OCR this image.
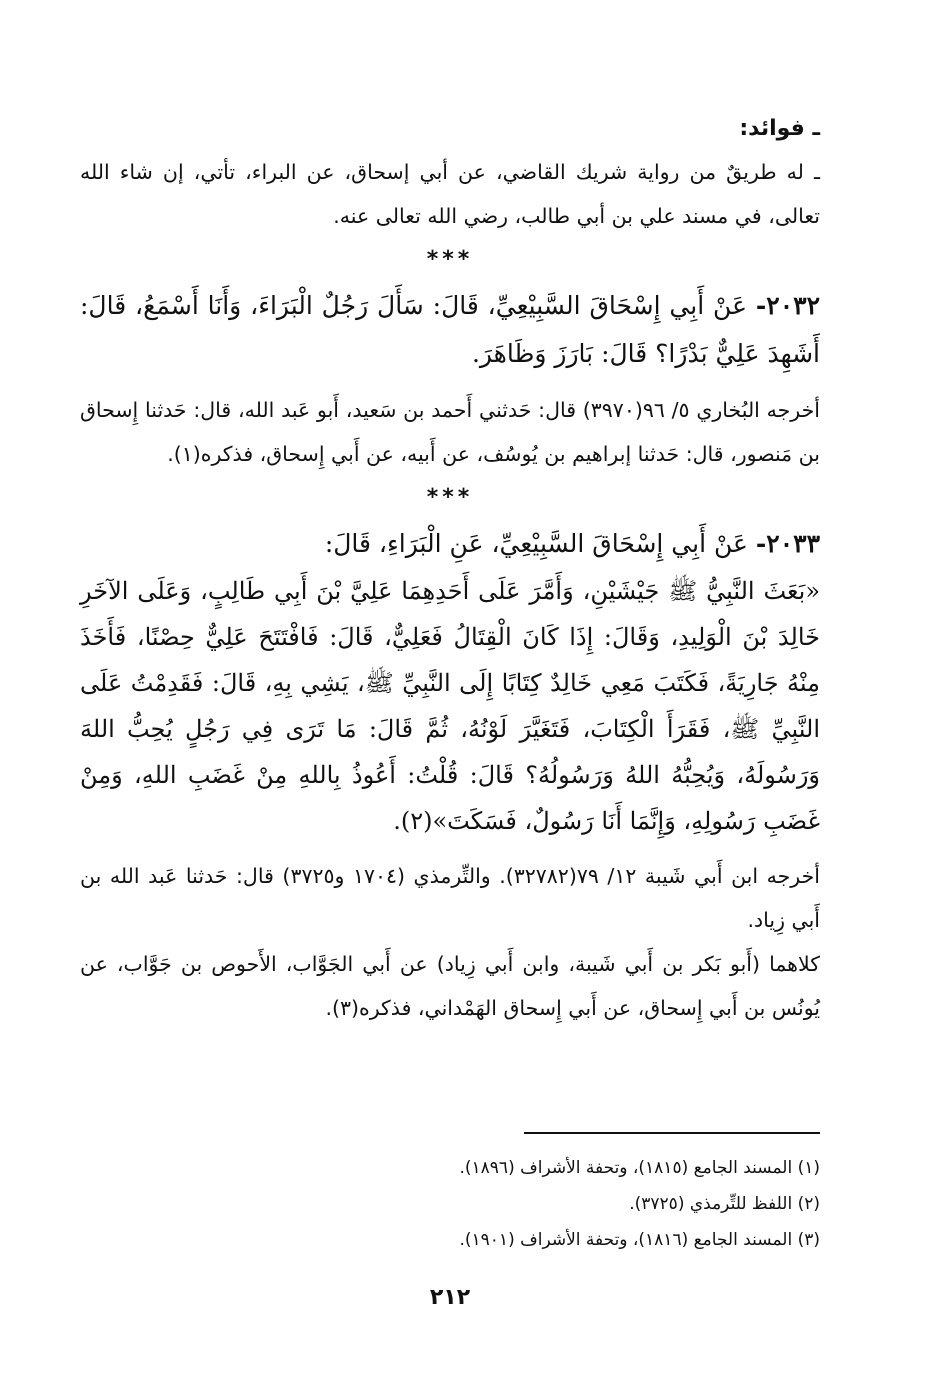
ـ فوائد:

ـ له طريقٌ من رواية شريك القاضي، عن أبي إسحاق، عن البراء، تأتي، إن شاء الله تعالى، في مسند علي بن أبي طالب، رضي الله تعالى عنه.

***

٢٠٣٢- عَنْ أَبِي إِسْحَاقَ السَّبِيْعِيِّ، قَالَ: سَأَلَ رَجُلٌ الْبَرَاءَ، وَأَنَا أَسْمَعُ، قَالَ: أَشَهِدَ عَلِيٌّ بَدْرًا؟ قَالَ: بَارَزَ وَظَاهَرَ.

أخرجه البُخاري ٥/ ٩٦(٣٩٧٠) قال: حَدثني أَحمد بن سَعيد، أَبو عَبد الله، قال: حَدثنا إِسحاق بن مَنصور، قال: حَدثنا إبراهيم بن يُوسُف، عن أَبيه، عن أَبي إِسحاق، فذكره(١).

***

٢٠٣٣- عَنْ أَبِي إِسْحَاقَ السَّبِيْعِيِّ، عَنِ الْبَرَاءِ، قَالَ:

«بَعَثَ النَّبِيُّ ﷺ جَيْشَيْنِ، وَأَمَّرَ عَلَى أَحَدِهِمَا عَلِيَّ بْنَ أَبِي طَالِبٍ، وَعَلَى الآخَرِ خَالِدَ بْنَ الْوَلِيدِ، وَقَالَ: إِذَا كَانَ الْقِتَالُ فَعَلِيٌّ، قَالَ: فَافْتَتَحَ عَلِيٌّ حِصْنًا، فَأَخَذَ مِنْهُ جَارِيَةً، فَكَتَبَ مَعِي خَالِدٌ كِتَابًا إِلَى النَّبِيِّ ﷺ، يَشِي بِهِ، قَالَ: فَقَدِمْتُ عَلَى النَّبِيِّ ﷺ، فَقَرَأَ الْكِتَابَ، فَتَغَيَّرَ لَوْنُهُ، ثُمَّ قَالَ: مَا تَرَى فِي رَجُلٍ يُحِبُّ اللهَ وَرَسُولَهُ، وَيُحِبُّهُ اللهُ وَرَسُولُهُ؟ قَالَ: قُلْتُ: أَعُوذُ بِاللهِ مِنْ غَضَبِ اللهِ، وَمِنْ غَضَبِ رَسُولِهِ، وَإِنَّمَا أَنَا رَسُولٌ، فَسَكَتَ»(٢).

أخرجه ابن أَبي شَيبة ١٢/ ٧٩(٣٢٧٨٢). والتِّرمذي (١٧٠٤ و٣٧٢٥) قال: حَدثنا عَبد الله بن أَبي زِياد.

كلاهما (أَبو بَكر بن أَبي شَيبة، وابن أَبي زِياد) عن أَبي الجَوَّاب، الأَحوص بن جَوَّاب، عن يُونُس بن أَبي إِسحاق، عن أَبي إِسحاق الهَمْداني، فذكره(٣).

(١) المسند الجامع (١٨١٥)، وتحفة الأشراف (١٨٩٦).

(٢) اللفظ للتِّرمذي (٣٧٢٥).

(٣) المسند الجامع (١٨١٦)، وتحفة الأشراف (١٩٠١).

٢١٢
